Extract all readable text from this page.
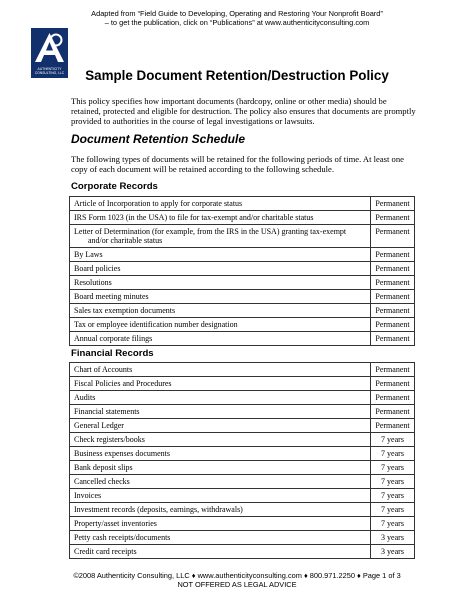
Adapted from “Field Guide to Developing, Operating and Restoring Your Nonprofit Board”
– to get the publication, click on “Publications” at www.authenticityconsulting.com
AUTHENTICITY CONSULTING, LLC	Sample Document Retention/Destruction Policy
This policy specifies how important documents (hardcopy, online or other media) should be retained, protected and eligible for destruction. The policy also ensures that documents are promptly provided to authorities in the course of legal investigations or lawsuits.
Document Retention Schedule
The following types of documents will be retained for the following periods of time. At least one copy of each document will be retained according to the following schedule.
Corporate Records
Article of Incorporation to apply for corporate status	Permanent
IRS Form 1023 (in the USA) to file for tax-exempt and/or charitable status	Permanent
Letter of Determination (for example, from the IRS in the USA) granting tax-exempt and/or charitable status	Permanent
By Laws	Permanent
Board policies	Permanent
Resolutions	Permanent
Board meeting minutes	Permanent
Sales tax exemption documents	Permanent
Tax or employee identification number designation	Permanent
Annual corporate filings	Permanent
Financial Records
Chart of Accounts	Permanent
Fiscal Policies and Procedures	Permanent
Audits	Permanent
Financial statements	Permanent
General Ledger	Permanent
Check registers/books	7 years
Business expenses documents	7 years
Bank deposit slips	7 years
Cancelled checks	7 years
Invoices	7 years
Investment records (deposits, earnings, withdrawals)	7 years
Property/asset inventories	7 years
Petty cash receipts/documents	3 years
Credit card receipts	3 years
©2008 Authenticity Consulting, LLC ♦ www.authenticityconsulting.com ♦ 800.971.2250 ♦ Page 1 of 3
NOT OFFERED AS LEGAL ADVICE
